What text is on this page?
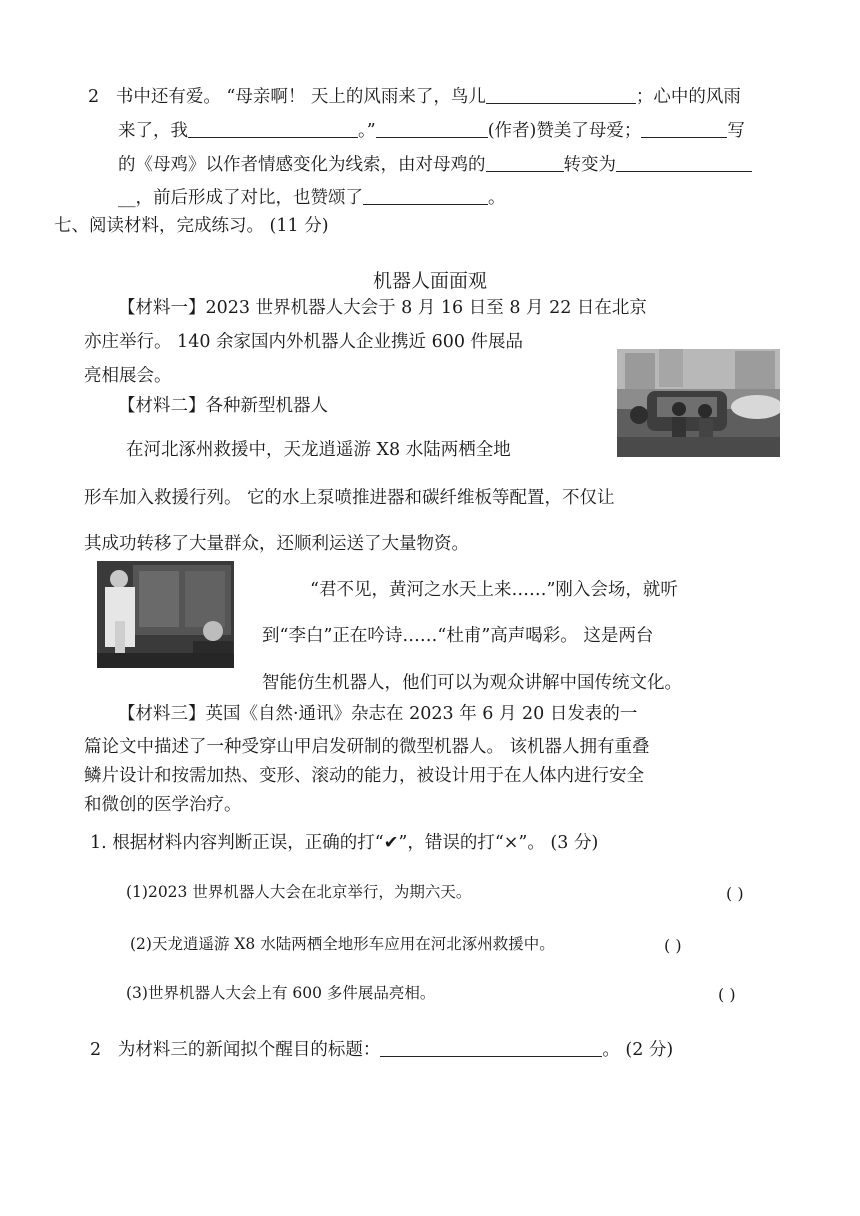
2 书中还有爱。 “母亲啊！ 天上的风雨来了，鸟儿	；心中的风雨
来了，我	。”	(作者)赞美了母爱；	写
的《母鸡》以作者情感变化为线索，由对母鸡的	转变为
__，前后形成了对比，也赞颂了	。
七、阅读材料，完成练习。 (11 分)
机器人面面观
【材料一】2023 世界机器人大会于 8 月 16 日至 8 月 22 日在北京
亦庄举行。 140 余家国内外机器人企业携近 600 件展品
亮相展会。
【材料二】各种新型机器人
在河北涿州救援中，天龙逍遥游 X8 水陆两栖全地
形车加入救援行列。 它的水上泵喷推进器和碳纤维板等配置，不仅让
其成功转移了大量群众，还顺利运送了大量物资。
“君不见，黄河之水天上来……”刚入会场，就听
到“李白”正在吟诗……“杜甫”高声喝彩。 这是两台
智能仿生机器人，他们可以为观众讲解中国传统文化。
【材料三】英国《自然·通讯》杂志在 2023 年 6 月 20 日发表的一
篇论文中描述了一种受穿山甲启发研制的微型机器人。 该机器人拥有重叠
鳞片设计和按需加热、变形、滚动的能力，被设计用于在人体内进行安全
和微创的医学治疗。
1. 根据材料内容判断正误，正确的打“✔”，错误的打“×”。 (3 分)
(1)2023 世界机器人大会在北京举行，为期六天。	( )
(2)天龙逍遥游 X8 水陆两栖全地形车应用在河北涿州救援中。	( )
(3)世界机器人大会上有 600 多件展品亮相。	( )
2 为材料三的新闻拟个醒目的标题：	。 (2 分)
